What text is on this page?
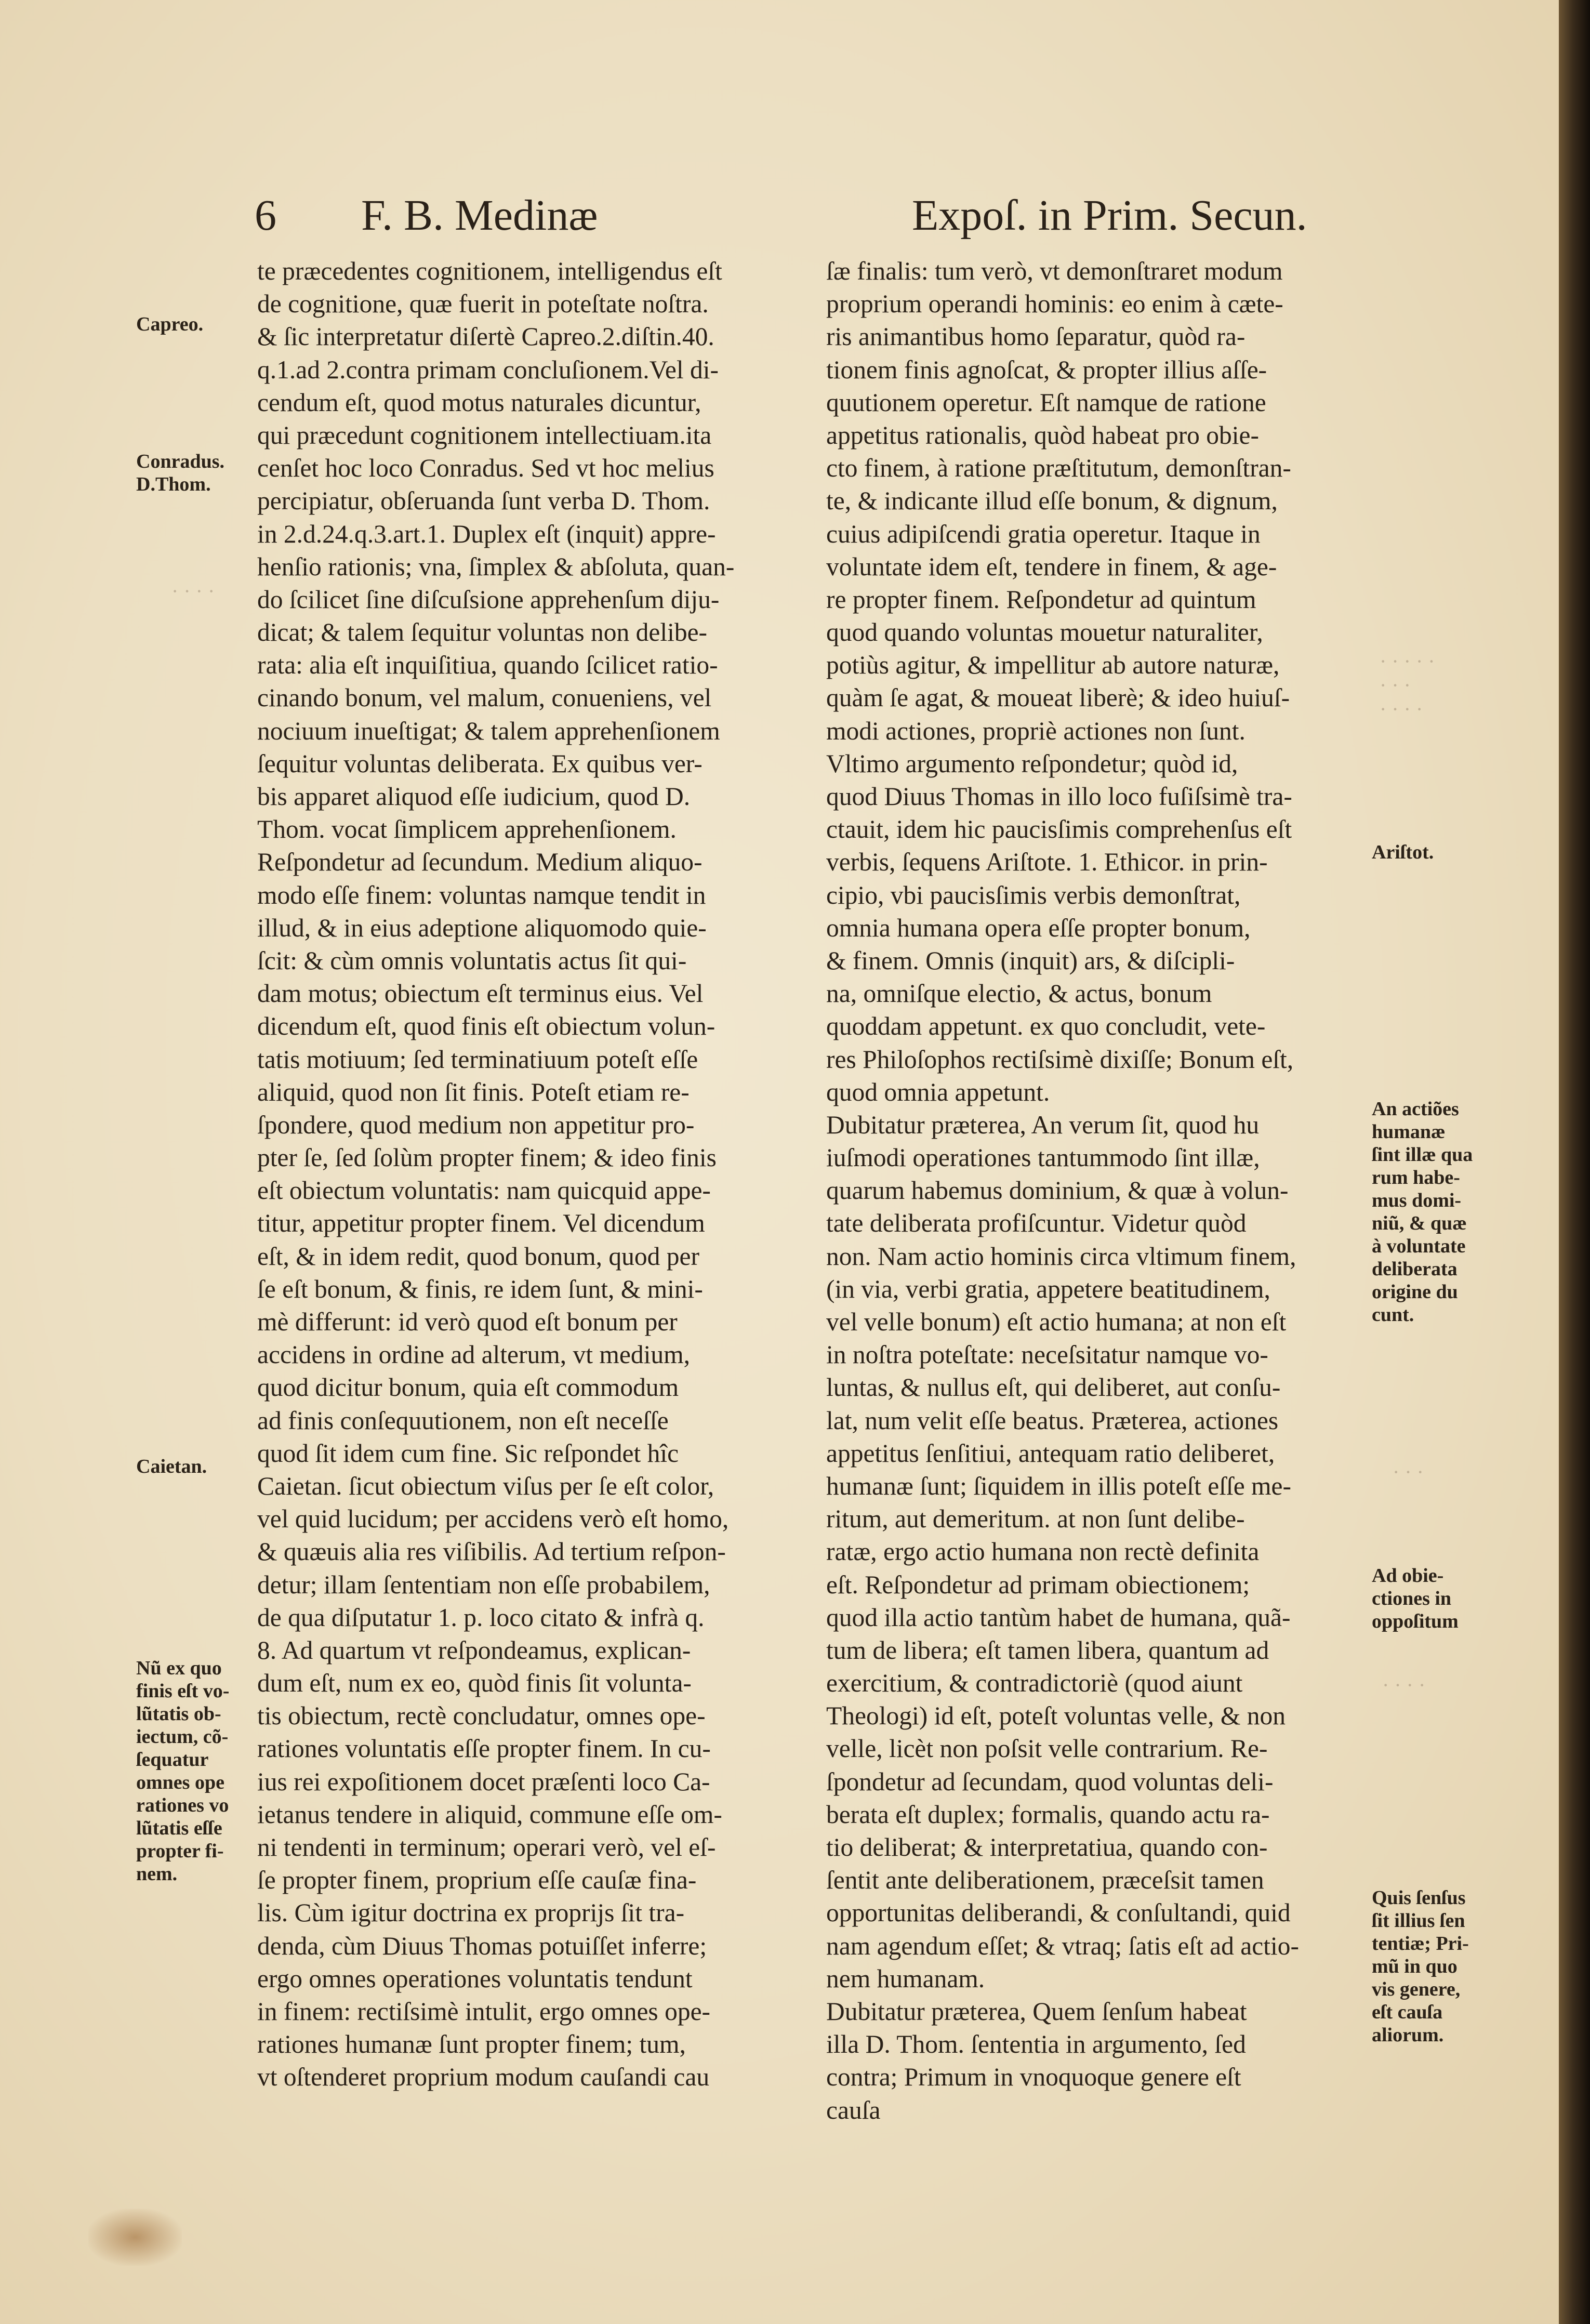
6 F. B. Medinæ	Expoſ. in Prim. Secun.
te præcedentes cognitionem, intelligendus eſt
de cognitione, quæ fuerit in poteſtate noſtra.
& ſic interpretatur diſertè Capreo.2.diſtin.40.
q.1.ad 2.contra primam concluſionem.Vel di-
cendum eſt, quod motus naturales dicuntur,
qui præcedunt cognitionem intellectiuam.ita
cenſet hoc loco Conradus. Sed vt hoc melius
percipiatur, obſeruanda ſunt verba D. Thom.
in 2.d.24.q.3.art.1. Duplex eſt (inquit) appre-
henſio rationis; vna, ſimplex & abſoluta, quan-
do ſcilicet ſine diſcuſsione apprehenſum diju-
dicat; & talem ſequitur voluntas non delibe-
rata: alia eſt inquiſitiua, quando ſcilicet ratio-
cinando bonum, vel malum, conueniens, vel
nociuum inueſtigat; & talem apprehenſionem
ſequitur voluntas deliberata. Ex quibus ver-
bis apparet aliquod eſſe iudicium, quod D.
Thom. vocat ſimplicem apprehenſionem.
Reſpondetur ad ſecundum. Medium aliquo-
modo eſſe finem: voluntas namque tendit in
illud, & in eius adeptione aliquomodo quie-
ſcit: & cùm omnis voluntatis actus ſit qui-
dam motus; obiectum eſt terminus eius. Vel
dicendum eſt, quod finis eſt obiectum volun-
tatis motiuum; ſed terminatiuum poteſt eſſe
aliquid, quod non ſit finis. Poteſt etiam re-
ſpondere, quod medium non appetitur pro-
pter ſe, ſed ſolùm propter finem; & ideo finis
eſt obiectum voluntatis: nam quicquid appe-
titur, appetitur propter finem. Vel dicendum
eſt, & in idem redit, quod bonum, quod per
ſe eſt bonum, & finis, re idem ſunt, & mini-
mè differunt: id verò quod eſt bonum per
accidens in ordine ad alterum, vt medium,
quod dicitur bonum, quia eſt commodum
ad finis conſequutionem, non eſt neceſſe
quod ſit idem cum fine. Sic reſpondet hîc
Caietan. ſicut obiectum viſus per ſe eſt color,
vel quid lucidum; per accidens verò eſt homo,
& quæuis alia res viſibilis. Ad tertium reſpon-
detur; illam ſententiam non eſſe probabilem,
de qua diſputatur 1. p. loco citato & infrà q.
8. Ad quartum vt reſpondeamus, explican-
dum eſt, num ex eo, quòd finis ſit volunta-
tis obiectum, rectè concludatur, omnes ope-
rationes voluntatis eſſe propter finem. In cu-
ius rei expoſitionem docet præſenti loco Ca-
ietanus tendere in aliquid, commune eſſe om-
ni tendenti in terminum; operari verò, vel eſ-
ſe propter finem, proprium eſſe cauſæ fina-
lis. Cùm igitur doctrina ex proprijs ſit tra-
denda, cùm Diuus Thomas potuiſſet inferre;
ergo omnes operationes voluntatis tendunt
in finem: rectiſsimè intulit, ergo omnes ope-
rationes humanæ ſunt propter finem; tum,
vt oſtenderet proprium modum cauſandi cau
ſæ finalis: tum verò, vt demonſtraret modum
proprium operandi hominis: eo enim à cæte-
ris animantibus homo ſeparatur, quòd ra-
tionem finis agnoſcat, & propter illius aſſe-
quutionem operetur. Eſt namque de ratione
appetitus rationalis, quòd habeat pro obie-
cto finem, à ratione præſtitutum, demonſtran-
te, & indicante illud eſſe bonum, & dignum,
cuius adipiſcendi gratia operetur. Itaque in
voluntate idem eſt, tendere in finem, & age-
re propter finem. Reſpondetur ad quintum
quod quando voluntas mouetur naturaliter,
potiùs agitur, & impellitur ab autore naturæ,
quàm ſe agat, & moueat liberè; & ideo huiuſ-
modi actiones, propriè actiones non ſunt.
Vltimo argumento reſpondetur; quòd id,
quod Diuus Thomas in illo loco fuſiſsimè tra-
ctauit, idem hic paucisſimis comprehenſus eſt
verbis, ſequens Ariſtote. 1. Ethicor. in prin-
cipio, vbi paucisſimis verbis demonſtrat,
omnia humana opera eſſe propter bonum,
& finem. Omnis (inquit) ars, & diſcipli-
na, omniſque electio, & actus, bonum
quoddam appetunt. ex quo concludit, vete-
res Philoſophos rectiſsimè dixiſſe; Bonum eſt,
quod omnia appetunt.
Dubitatur præterea, An verum ſit, quod hu
iuſmodi operationes tantummodo ſint illæ,
quarum habemus dominium, & quæ à volun-
tate deliberata profiſcuntur. Videtur quòd
non. Nam actio hominis circa vltimum finem,
(in via, verbi gratia, appetere beatitudinem,
vel velle bonum) eſt actio humana; at non eſt
in noſtra poteſtate: neceſsitatur namque vo-
luntas, & nullus eſt, qui deliberet, aut conſu-
lat, num velit eſſe beatus. Præterea, actiones
appetitus ſenſitiui, antequam ratio deliberet,
humanæ ſunt; ſiquidem in illis poteſt eſſe me-
ritum, aut demeritum. at non ſunt delibe-
ratæ, ergo actio humana non rectè definita
eſt. Reſpondetur ad primam obiectionem;
quod illa actio tantùm habet de humana, quã-
tum de libera; eſt tamen libera, quantum ad
exercitium, & contradictoriè (quod aiunt
Theologi) id eſt, poteſt voluntas velle, & non
velle, licèt non poſsit velle contrarium. Re-
ſpondetur ad ſecundam, quod voluntas deli-
berata eſt duplex; formalis, quando actu ra-
tio deliberat; & interpretatiua, quando con-
ſentit ante deliberationem, præceſsit tamen
opportunitas deliberandi, & conſultandi, quid
nam agendum eſſet; & vtraq; ſatis eſt ad actio-
nem humanam.
Dubitatur præterea, Quem ſenſum habeat
illa D. Thom. ſententia in argumento, ſed
contra; Primum in vnoquoque genere eſt
cauſa
Capreo.
Conradus.
D.Thom.
Caietan.
Nũ ex quo
finis eſt vo-
lũtatis ob-
iectum, cõ-
ſequatur
omnes ope
rationes vo
lũtatis eſſe
propter fi-
nem.
Ariſtot.
An actiões
humanæ
ſint illæ qua
rum habe-
mus domi-
niũ, & quæ
à voluntate
deliberata
origine du
cunt.
Ad obie-
ctiones in
oppoſitum
Quis ſenſus
ſit illius ſen
tentiæ; Pri-
mũ in quo
vis genere,
eſt cauſa
aliorum.
· · · ·
· · · · ·
· · ·
· · · ·
· · ·
· · · ·
